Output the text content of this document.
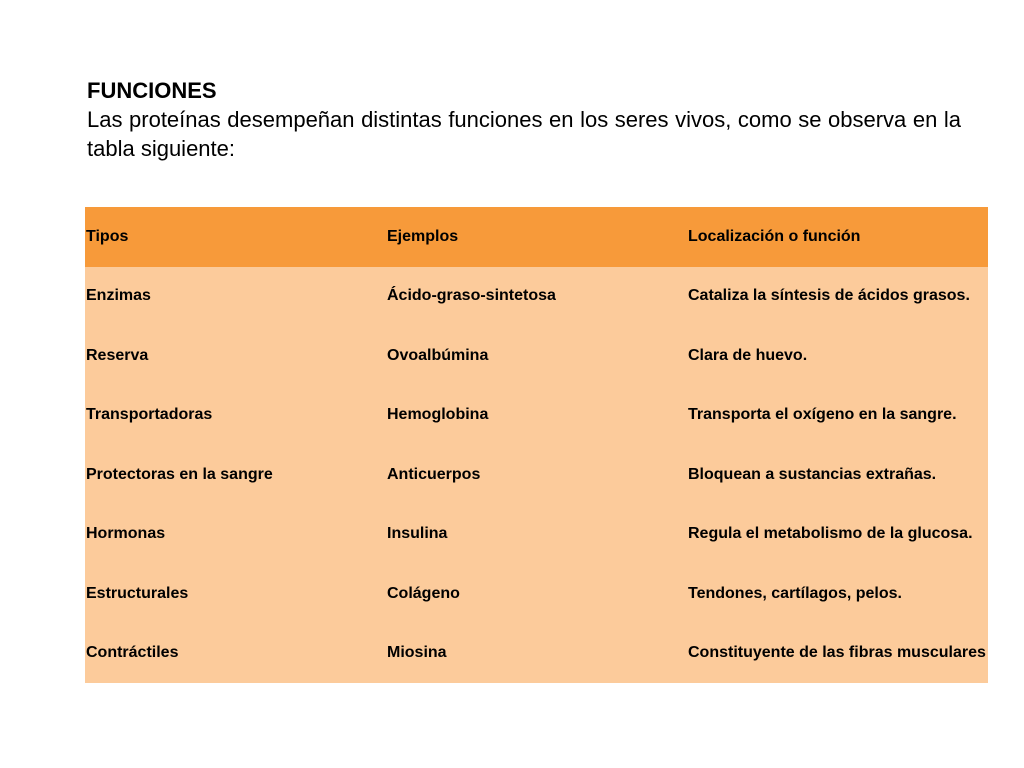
FUNCIONES

Las proteínas desempeñan distintas funciones en los seres vivos, como se observa en la tabla siguiente:

Tipos	Ejemplos	Localización o función
Enzimas	Ácido-graso-sintetosa	Cataliza la síntesis de ácidos grasos.
Reserva	Ovoalbúmina	Clara de huevo.
Transportadoras	Hemoglobina	Transporta el oxígeno en la sangre.
Protectoras en la sangre	Anticuerpos	Bloquean a sustancias extrañas.
Hormonas	Insulina	Regula el metabolismo de la glucosa.
Estructurales	Colágeno	Tendones, cartílagos, pelos.
Contráctiles	Miosina	Constituyente de las fibras musculares
